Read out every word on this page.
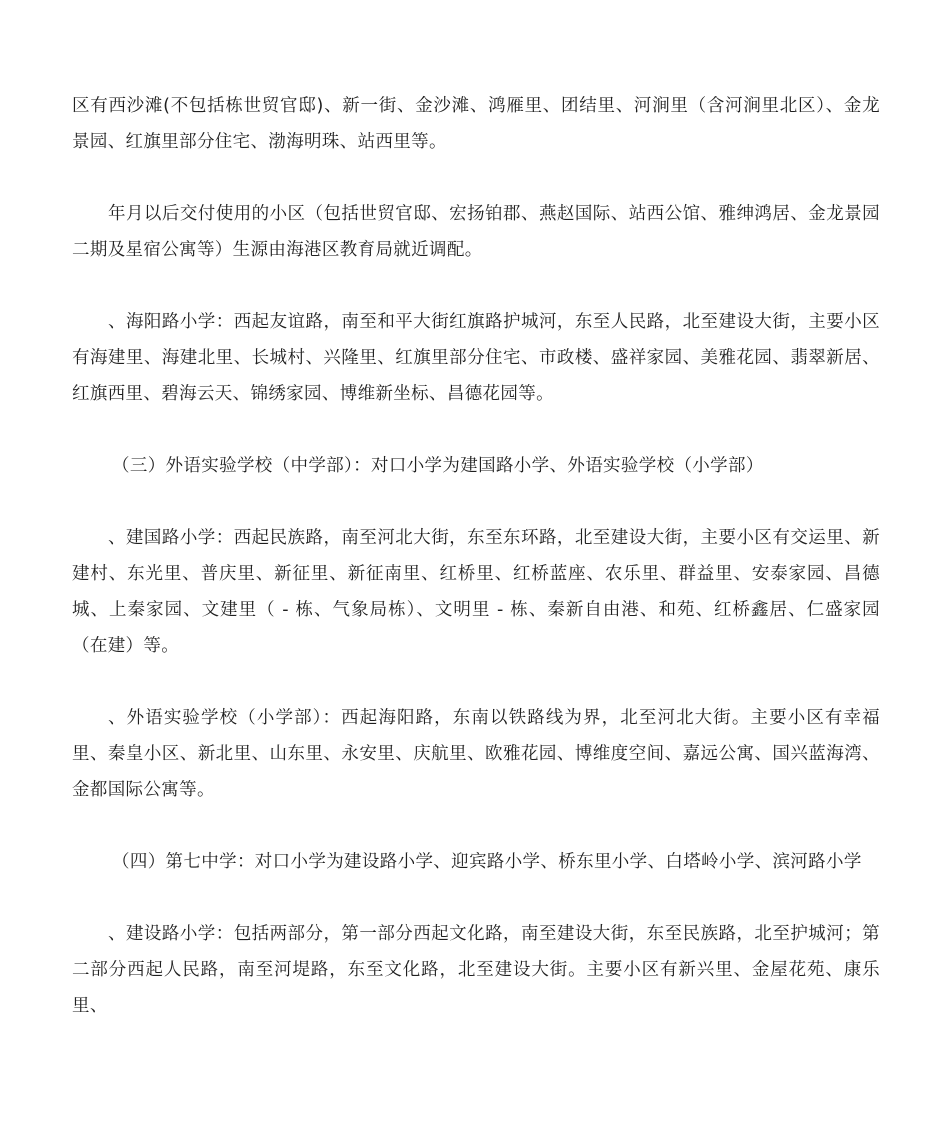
区有西沙滩(不包括栋世贸官邸)、新一街、金沙滩、鸿雁里、团结里、河涧里（含河涧里北区）、金龙景园、红旗里部分住宅、渤海明珠、站西里等。

年月以后交付使用的小区（包括世贸官邸、宏扬铂郡、燕赵国际、站西公馆、雅绅鸿居、金龙景园二期及星宿公寓等）生源由海港区教育局就近调配。

、海阳路小学：西起友谊路，南至和平大街红旗路护城河，东至人民路，北至建设大街，主要小区有海建里、海建北里、长城村、兴隆里、红旗里部分住宅、市政楼、盛祥家园、美雅花园、翡翠新居、红旗西里、碧海云天、锦绣家园、博维新坐标、昌德花园等。

（三）外语实验学校（中学部）：对口小学为建国路小学、外语实验学校（小学部）

、建国路小学：西起民族路，南至河北大街，东至东环路，北至建设大街，主要小区有交运里、新建村、东光里、普庆里、新征里、新征南里、红桥里、红桥蓝座、农乐里、群益里、安泰家园、昌德城、上秦家园、文建里（ - 栋、气象局栋）、文明里 - 栋、秦新自由港、和苑、红桥鑫居、仁盛家园（在建）等。

、外语实验学校（小学部）：西起海阳路，东南以铁路线为界，北至河北大街。主要小区有幸福里、秦皇小区、新北里、山东里、永安里、庆航里、欧雅花园、博维度空间、嘉远公寓、国兴蓝海湾、金都国际公寓等。

（四）第七中学：对口小学为建设路小学、迎宾路小学、桥东里小学、白塔岭小学、滨河路小学

、建设路小学：包括两部分，第一部分西起文化路，南至建设大街，东至民族路，北至护城河；第二部分西起人民路，南至河堤路，东至文化路，北至建设大街。主要小区有新兴里、金屋花苑、康乐里、
